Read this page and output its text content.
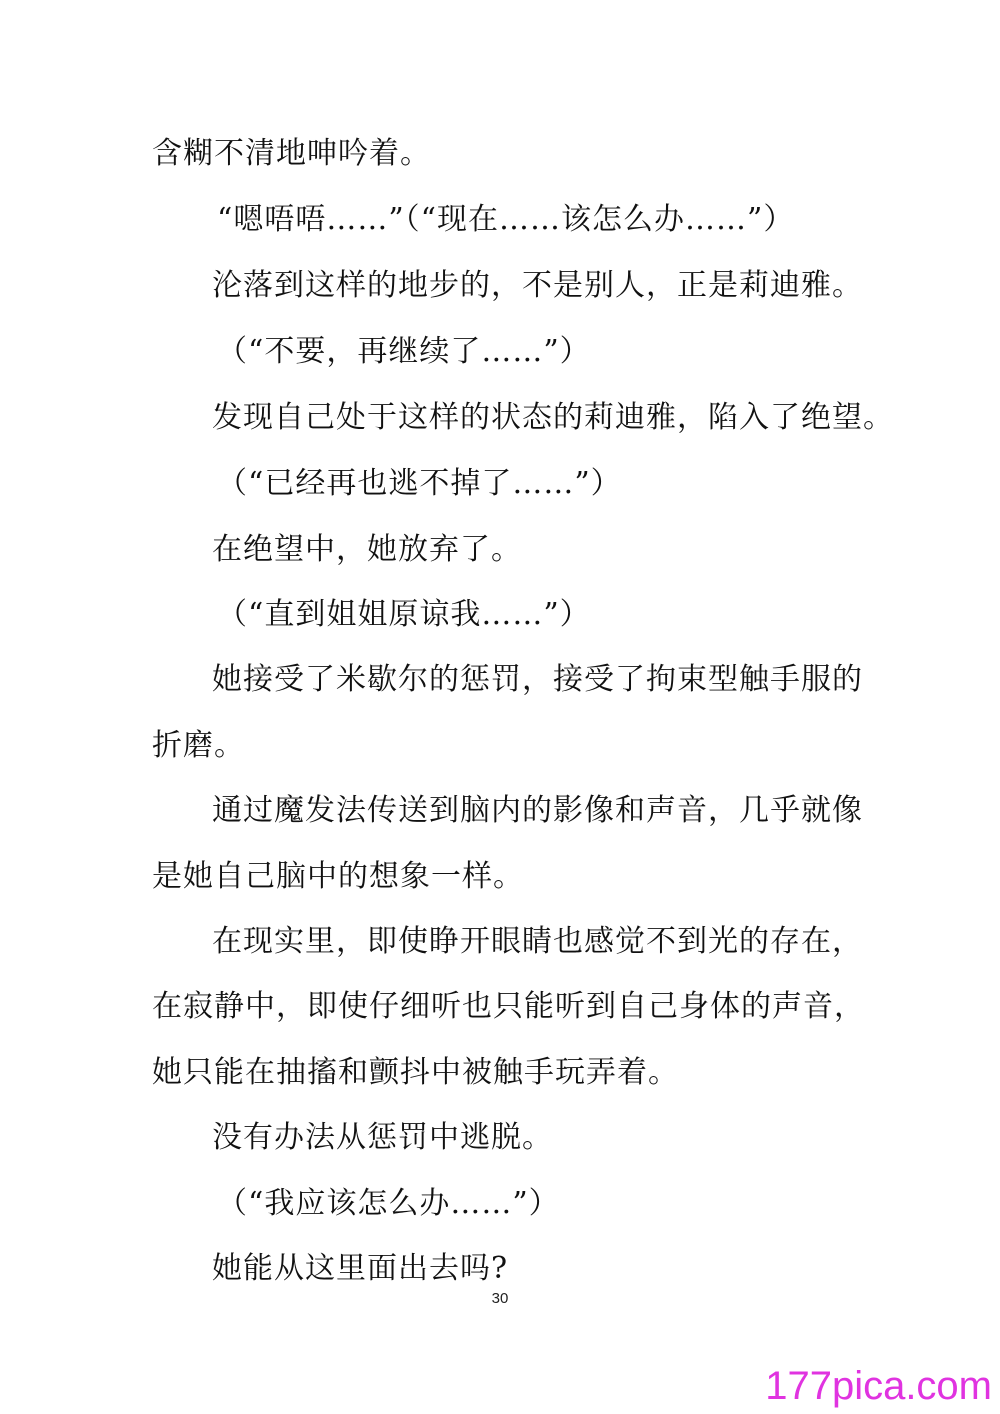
含糊不清地呻吟着。
“嗯唔唔……”（“现在……该怎么办……”）
沦落到这样的地步的，不是别人，正是莉迪雅。
（“不要，再继续了……”）
发现自己处于这样的状态的莉迪雅，陷入了绝望。
（“已经再也逃不掉了……”）
在绝望中，她放弃了。
（“直到姐姐原谅我……”）
她接受了米歇尔的惩罚，接受了拘束型触手服的
折磨。
通过魔发法传送到脑内的影像和声音，几乎就像
是她自己脑中的想象一样。
在现实里，即使睁开眼睛也感觉不到光的存在，
在寂静中，即使仔细听也只能听到自己身体的声音，
她只能在抽搐和颤抖中被触手玩弄着。
没有办法从惩罚中逃脱。
（“我应该怎么办……”）
她能从这里面出去吗?
30
177pica.com
